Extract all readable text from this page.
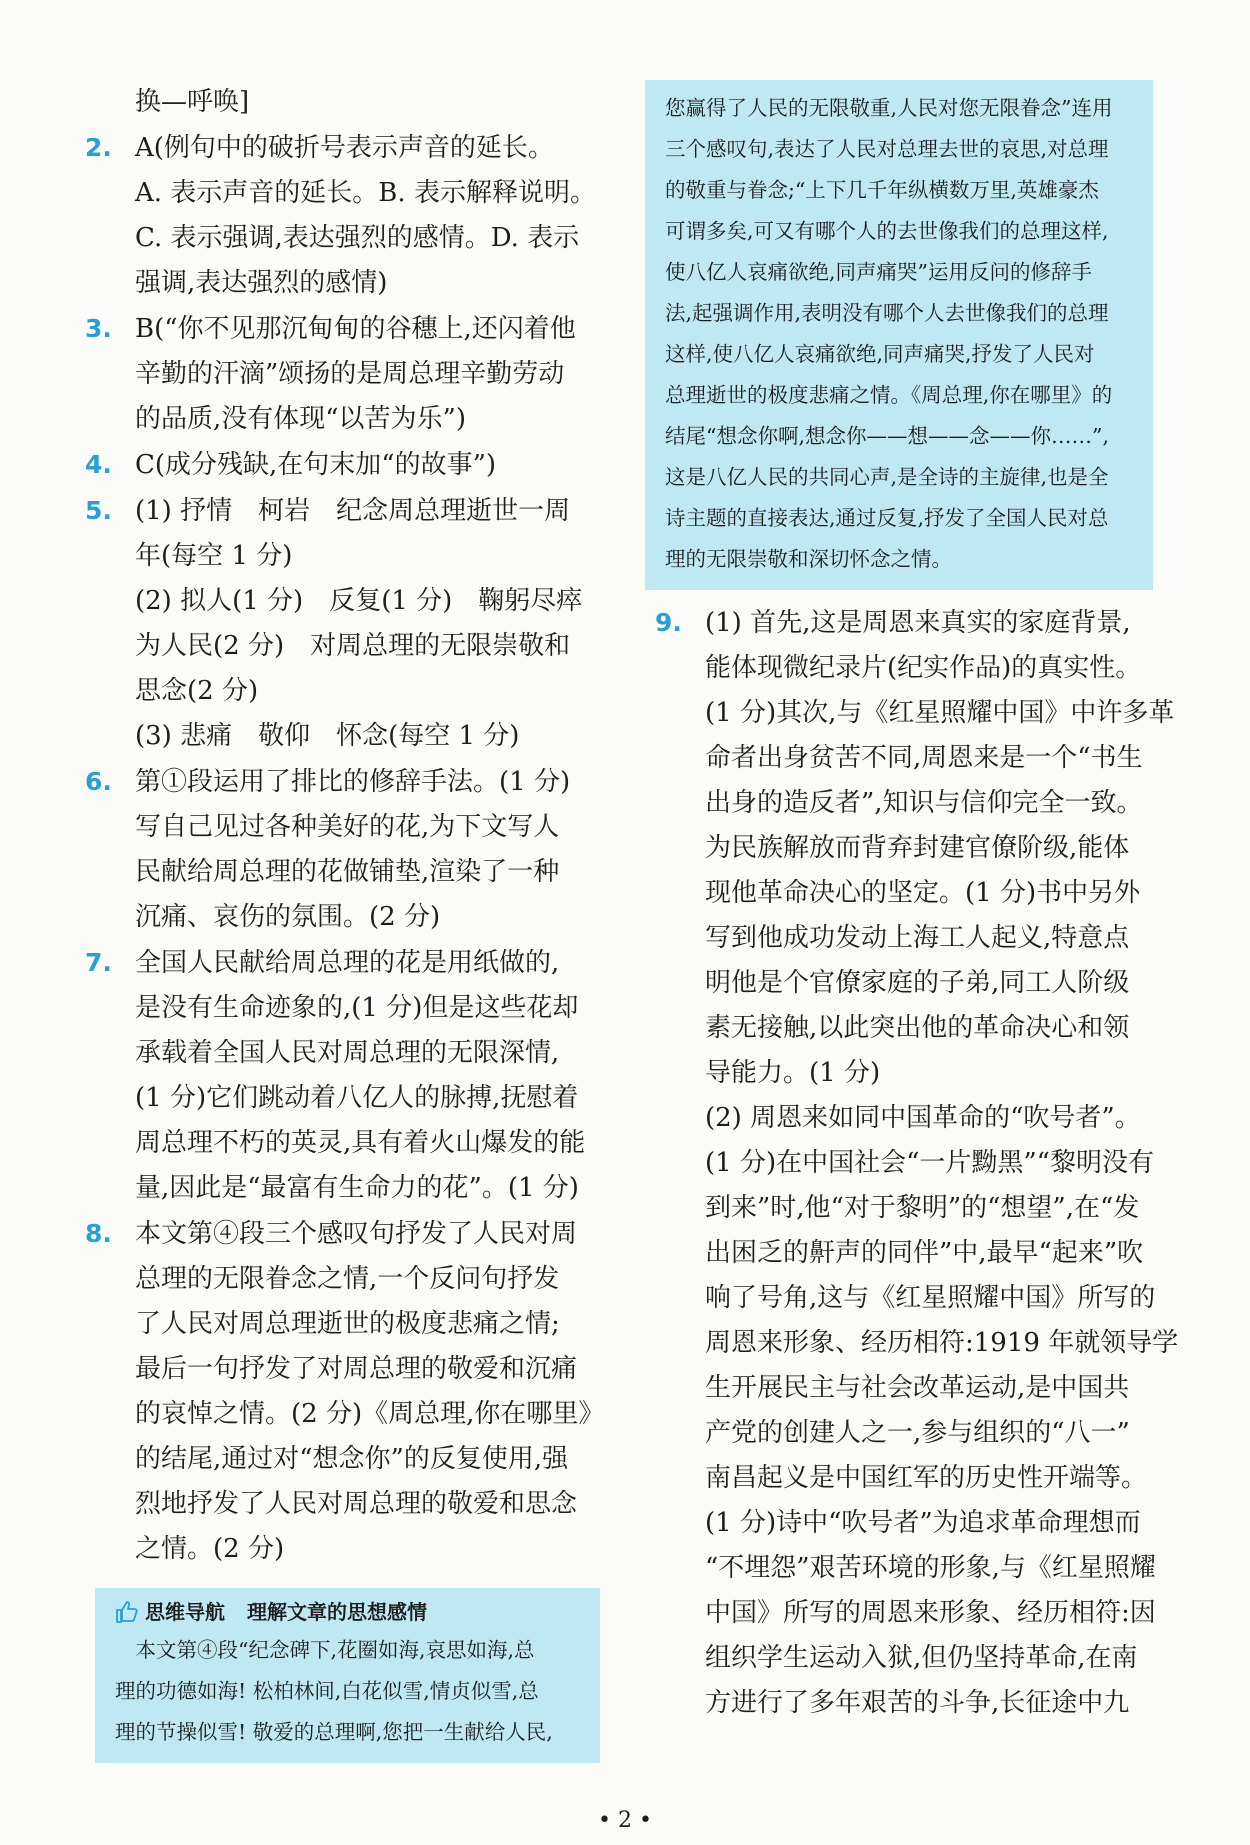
换—呼唤]
2. A(例句中的破折号表示声音的延长。
A. 表示声音的延长。B. 表示解释说明。
C. 表示强调,表达强烈的感情。D. 表示
强调,表达强烈的感情)
3. B(“你不见那沉甸甸的谷穗上,还闪着他
辛勤的汗滴”颂扬的是周总理辛勤劳动
的品质,没有体现“以苦为乐”)
4. C(成分残缺,在句末加“的故事”)
5. (1) 抒情　柯岩　纪念周总理逝世一周
年(每空 1 分)
(2) 拟人(1 分)　反复(1 分)　鞠躬尽瘁
为人民(2 分)　对周总理的无限崇敬和
思念(2 分)
(3) 悲痛　敬仰　怀念(每空 1 分)
6. 第①段运用了排比的修辞手法。(1 分)
写自己见过各种美好的花,为下文写人
民献给周总理的花做铺垫,渲染了一种
沉痛、哀伤的氛围。(2 分)
7. 全国人民献给周总理的花是用纸做的,
是没有生命迹象的,(1 分)但是这些花却
承载着全国人民对周总理的无限深情,
(1 分)它们跳动着八亿人的脉搏,抚慰着
周总理不朽的英灵,具有着火山爆发的能
量,因此是“最富有生命力的花”。(1 分)
8. 本文第④段三个感叹句抒发了人民对周
总理的无限眷念之情,一个反问句抒发
了人民对周总理逝世的极度悲痛之情;
最后一句抒发了对周总理的敬爱和沉痛
的哀悼之情。(2 分)《周总理,你在哪里》
的结尾,通过对“想念你”的反复使用,强
烈地抒发了人民对周总理的敬爱和思念
之情。(2 分)
思维导航 理解文章的思想感情
　本文第④段“纪念碑下,花圈如海,哀思如海,总
理的功德如海! 松柏林间,白花似雪,情贞似雪,总
理的节操似雪! 敬爱的总理啊,您把一生献给人民,
您赢得了人民的无限敬重,人民对您无限眷念”连用
三个感叹句,表达了人民对总理去世的哀思,对总理
的敬重与眷念;“上下几千年纵横数万里,英雄豪杰
可谓多矣,可又有哪个人的去世像我们的总理这样,
使八亿人哀痛欲绝,同声痛哭”运用反问的修辞手
法,起强调作用,表明没有哪个人去世像我们的总理
这样,使八亿人哀痛欲绝,同声痛哭,抒发了人民对
总理逝世的极度悲痛之情。《周总理,你在哪里》的
结尾“想念你啊,想念你——想——念——你……”,
这是八亿人民的共同心声,是全诗的主旋律,也是全
诗主题的直接表达,通过反复,抒发了全国人民对总
理的无限崇敬和深切怀念之情。
9. (1) 首先,这是周恩来真实的家庭背景,
能体现微纪录片(纪实作品)的真实性。
(1 分)其次,与《红星照耀中国》中许多革
命者出身贫苦不同,周恩来是一个“书生
出身的造反者”,知识与信仰完全一致。
为民族解放而背弃封建官僚阶级,能体
现他革命决心的坚定。(1 分)书中另外
写到他成功发动上海工人起义,特意点
明他是个官僚家庭的子弟,同工人阶级
素无接触,以此突出他的革命决心和领
导能力。(1 分)
(2) 周恩来如同中国革命的“吹号者”。
(1 分)在中国社会“一片黝黑”“黎明没有
到来”时,他“对于黎明”的“想望”,在“发
出困乏的鼾声的同伴”中,最早“起来”吹
响了号角,这与《红星照耀中国》所写的
周恩来形象、经历相符:1919 年就领导学
生开展民主与社会改革运动,是中国共
产党的创建人之一,参与组织的“八一”
南昌起义是中国红军的历史性开端等。
(1 分)诗中“吹号者”为追求革命理想而
“不埋怨”艰苦环境的形象,与《红星照耀
中国》所写的周恩来形象、经历相符:因
组织学生运动入狱,但仍坚持革命,在南
方进行了多年艰苦的斗争,长征途中九
• 2 •
